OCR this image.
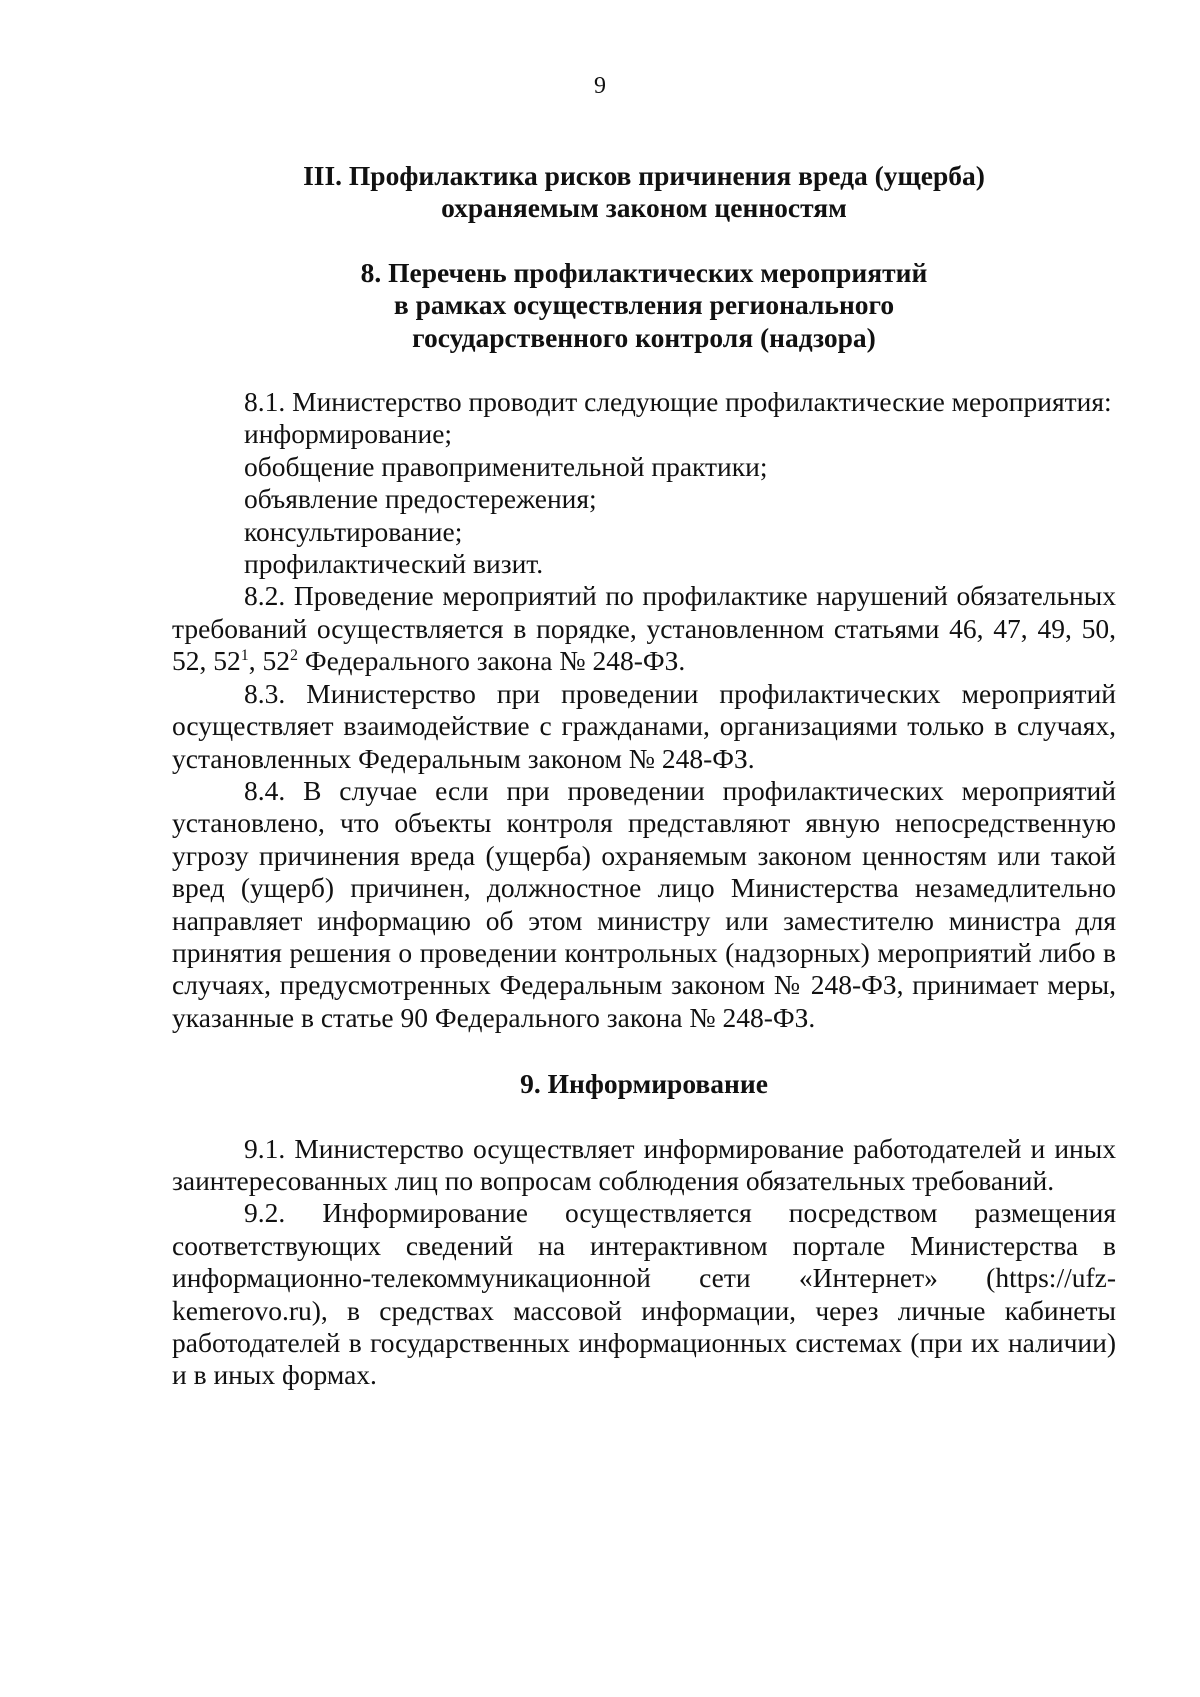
9
III. Профилактика рисков причинения вреда (ущерба)
охраняемым законом ценностям
8. Перечень профилактических мероприятий
в рамках осуществления регионального
государственного контроля (надзора)

8.1. Министерство проводит следующие профилактические мероприятия:

информирование;

обобщение правоприменительной практики;

объявление предостережения;

консультирование;

профилактический визит.

8.2. Проведение мероприятий по профилактике нарушений обязательных требований осуществляется в порядке, установленном статьями 46, 47, 49, 50, 52, $52^1$, $52^2$ Федерального закона № 248-ФЗ.

8.3. Министерство при проведении профилактических мероприятий осуществляет взаимодействие с гражданами, организациями только в случаях, установленных Федеральным законом № 248-ФЗ.

8.4. В случае если при проведении профилактических мероприятий установлено, что объекты контроля представляют явную непосредственную угрозу причинения вреда (ущерба) охраняемым законом ценностям или такой вред (ущерб) причинен, должностное лицо Министерства незамедлительно направляет информацию об этом министру или заместителю министра для принятия решения о проведении контрольных (надзорных) мероприятий либо в случаях, предусмотренных Федеральным законом № 248-ФЗ, принимает меры, указанные в статье 90 Федерального закона № 248-ФЗ.

9. Информирование

9.1. Министерство осуществляет информирование работодателей и иных заинтересованных лиц по вопросам соблюдения обязательных требований.

9.2. Информирование осуществляется посредством размещения соответствующих сведений на интерактивном портале Министерства в информационно-телекоммуникационной сети «Интернет» (https://ufz-kemerovo.ru), в средствах массовой информации, через личные кабинеты работодателей в государственных информационных системах (при их наличии) и в иных формах.
